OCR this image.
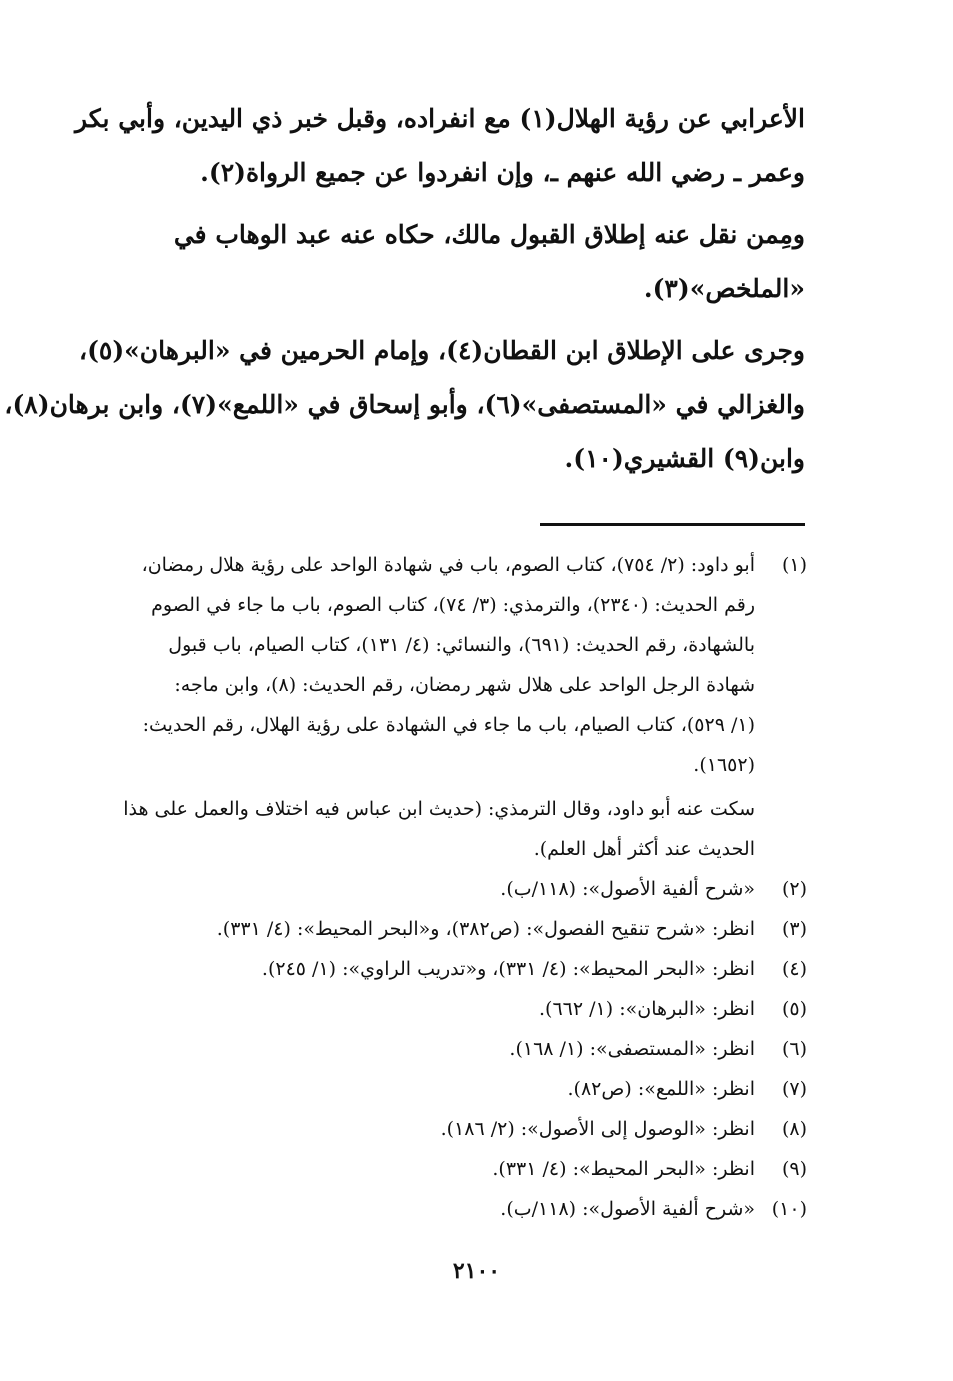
الأعرابي عن رؤية الهلال(١) مع انفراده، وقبل خبر ذي اليدين، وأبي بكر
وعمر ـ رضي الله عنهم ـ، وإن انفردوا عن جميع الرواة(٢).

ومِمن نقل عنه إطلاق القبول مالك، حكاه عنه عبد الوهاب في
«الملخص»(٣).

وجرى على الإطلاق ابن القطان(٤)، وإمام الحرمين في «البرهان»(٥)،
والغزالي في «المستصفى»(٦)، وأبو إسحاق في «اللمع»(٧)، وابن برهان(٨)،
وابن(٩) القشيري(١٠).

(١)
أبو داود: (٢/ ٧٥٤)، كتاب الصوم، باب في شهادة الواحد على رؤية هلال رمضان،
رقم الحديث: (٢٣٤٠)، والترمذي: (٣/ ٧٤)، كتاب الصوم، باب ما جاء في الصوم
بالشهادة، رقم الحديث: (٦٩١)، والنسائي: (٤/ ١٣١)، كتاب الصيام، باب قبول
شهادة الرجل الواحد على هلال شهر رمضان، رقم الحديث: (٨)، وابن ماجه:
(١/ ٥٢٩)، كتاب الصيام، باب ما جاء في الشهادة على رؤية الهلال، رقم الحديث:
(١٦٥٢).
سكت عنه أبو داود، وقال الترمذي: (حديث ابن عباس فيه اختلاف والعمل على هذا
الحديث عند أكثر أهل العلم).
(٢)
«شرح ألفية الأصول»: (١١٨/ب).
(٣)
انظر: «شرح تنقيح الفصول»: (ص٣٨٢)، و«البحر المحيط»: (٤/ ٣٣١).
(٤)
انظر: «البحر المحيط»: (٤/ ٣٣١)، و«تدريب الراوي»: (١/ ٢٤٥).
(٥)
انظر: «البرهان»: (١/ ٦٦٢).
(٦)
انظر: «المستصفى»: (١/ ١٦٨).
(٧)
انظر: «اللمع»: (ص٨٢).
(٨)
انظر: «الوصول إلى الأصول»: (٢/ ١٨٦).
(٩)
انظر: «البحر المحيط»: (٤/ ٣٣١).
(١٠)
«شرح ألفية الأصول»: (١١٨/ب).
٢١٠٠
